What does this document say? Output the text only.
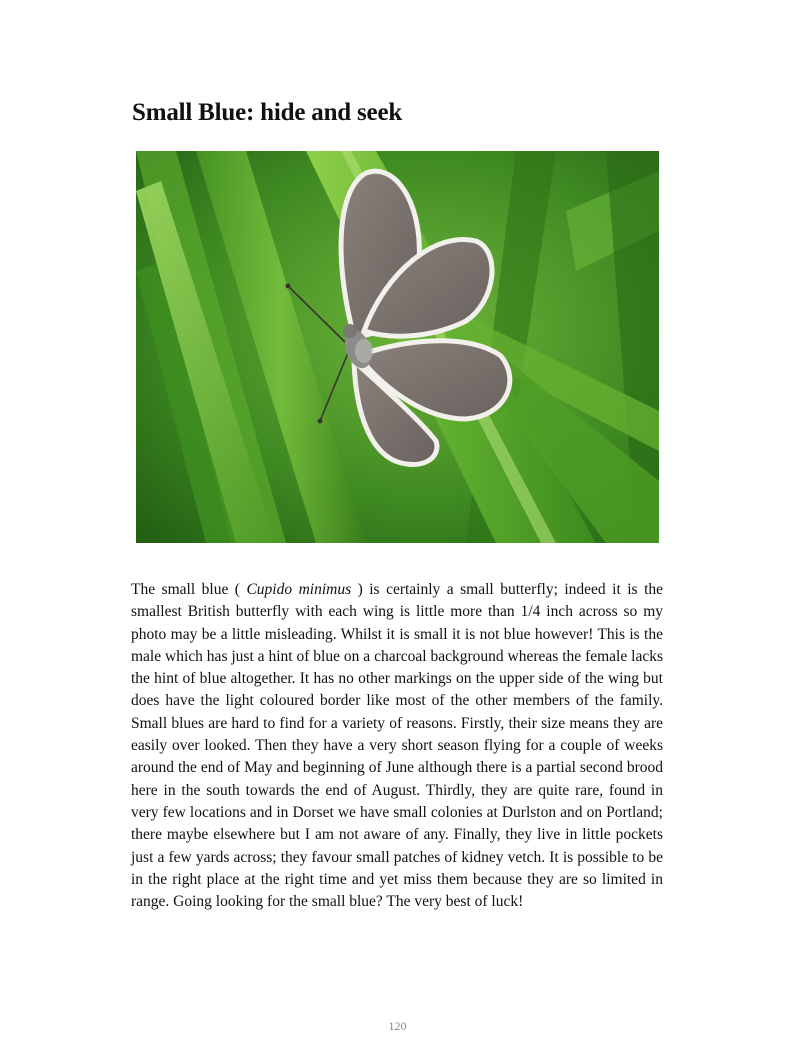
Small Blue: hide and seek

The small blue ( Cupido minimus ) is certainly a small butterfly; indeed it is the smallest British butterfly with each wing is little more than 1/4 inch across so my photo may be a little misleading. Whilst it is small it is not blue however! This is the male which has just a hint of blue on a charcoal background whereas the female lacks the hint of blue altogether. It has no other markings on the upper side of the wing but does have the light coloured border like most of the other members of the family. Small blues are hard to find for a variety of reasons. Firstly, their size means they are easily over looked. Then they have a very short season flying for a couple of weeks around the end of May and beginning of June although there is a partial second brood here in the south towards the end of August. Thirdly, they are quite rare, found in very few locations and in Dorset we have small colonies at Durlston and on Portland; there maybe elsewhere but I am not aware of any. Finally, they live in little pockets just a few yards across; they favour small patches of kidney vetch. It is possible to be in the right place at the right time and yet miss them because they are so limited in range. Going looking for the small blue? The very best of luck!

120
